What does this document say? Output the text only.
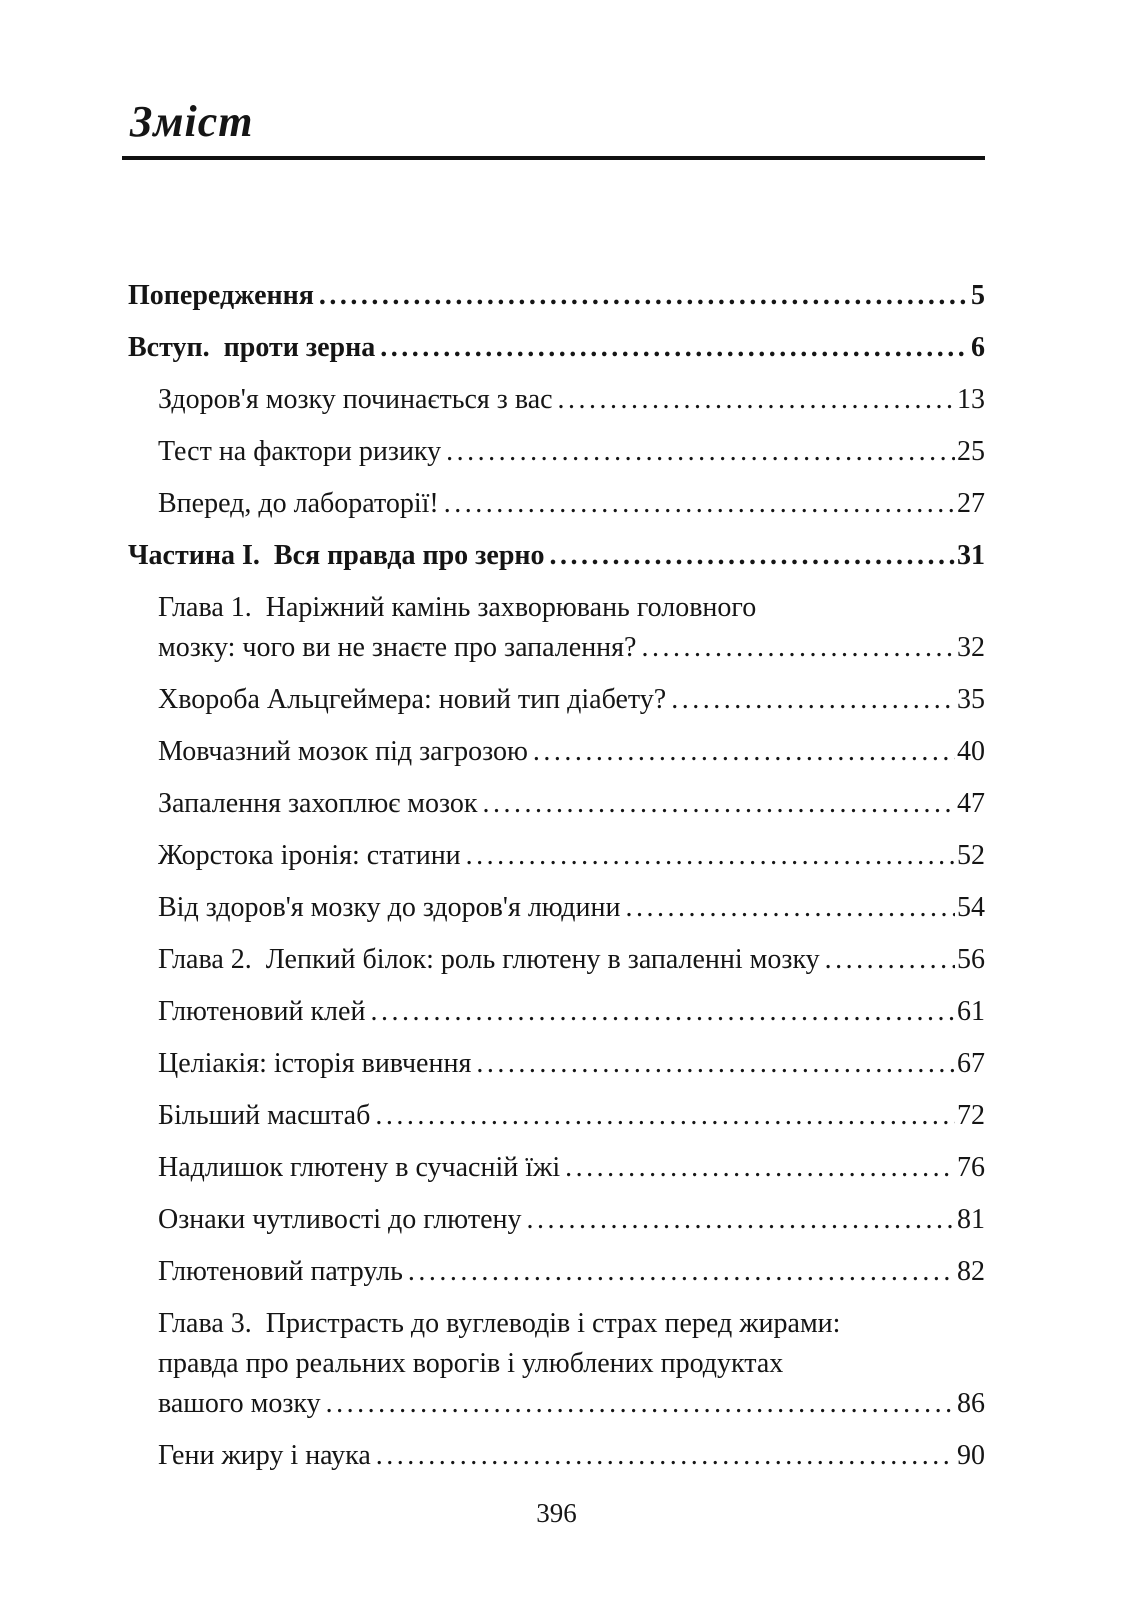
Зміст
Попередження .....	5
Вступ.  проти зерна .....	6
Здоров'я мозку починається з вас .....	13
Тест на фактори ризику .....	25
Вперед, до лабораторії! .....	27
Частина I.  Вся правда про зерно .....	31
Глава 1.  Наріжний камінь захворювань головного
мозку: чого ви не знаєте про запалення? .....	32
Хвороба Альцгеймера: новий тип діабету? .....	35
Мовчазний мозок під загрозою .....	40
Запалення захоплює мозок .....	47
Жорстока іронія: статини .....	52
Від здоров'я мозку до здоров'я людини .....	54
Глава 2.  Лепкий білок: роль глютену в запаленні мозку .....	56
Глютеновий клей .....	61
Целіакія: історія вивчення .....	67
Більший масштаб .....	72
Надлишок глютену в сучасній їжі .....	76
Ознаки чутливості до глютену .....	81
Глютеновий патруль .....	82
Глава 3.  Пристрасть до вуглеводів і страх перед жирами:
правда про реальних ворогів і улюблених продуктах
вашого мозку .....	86
Гени жиру і наука .....	90
396
